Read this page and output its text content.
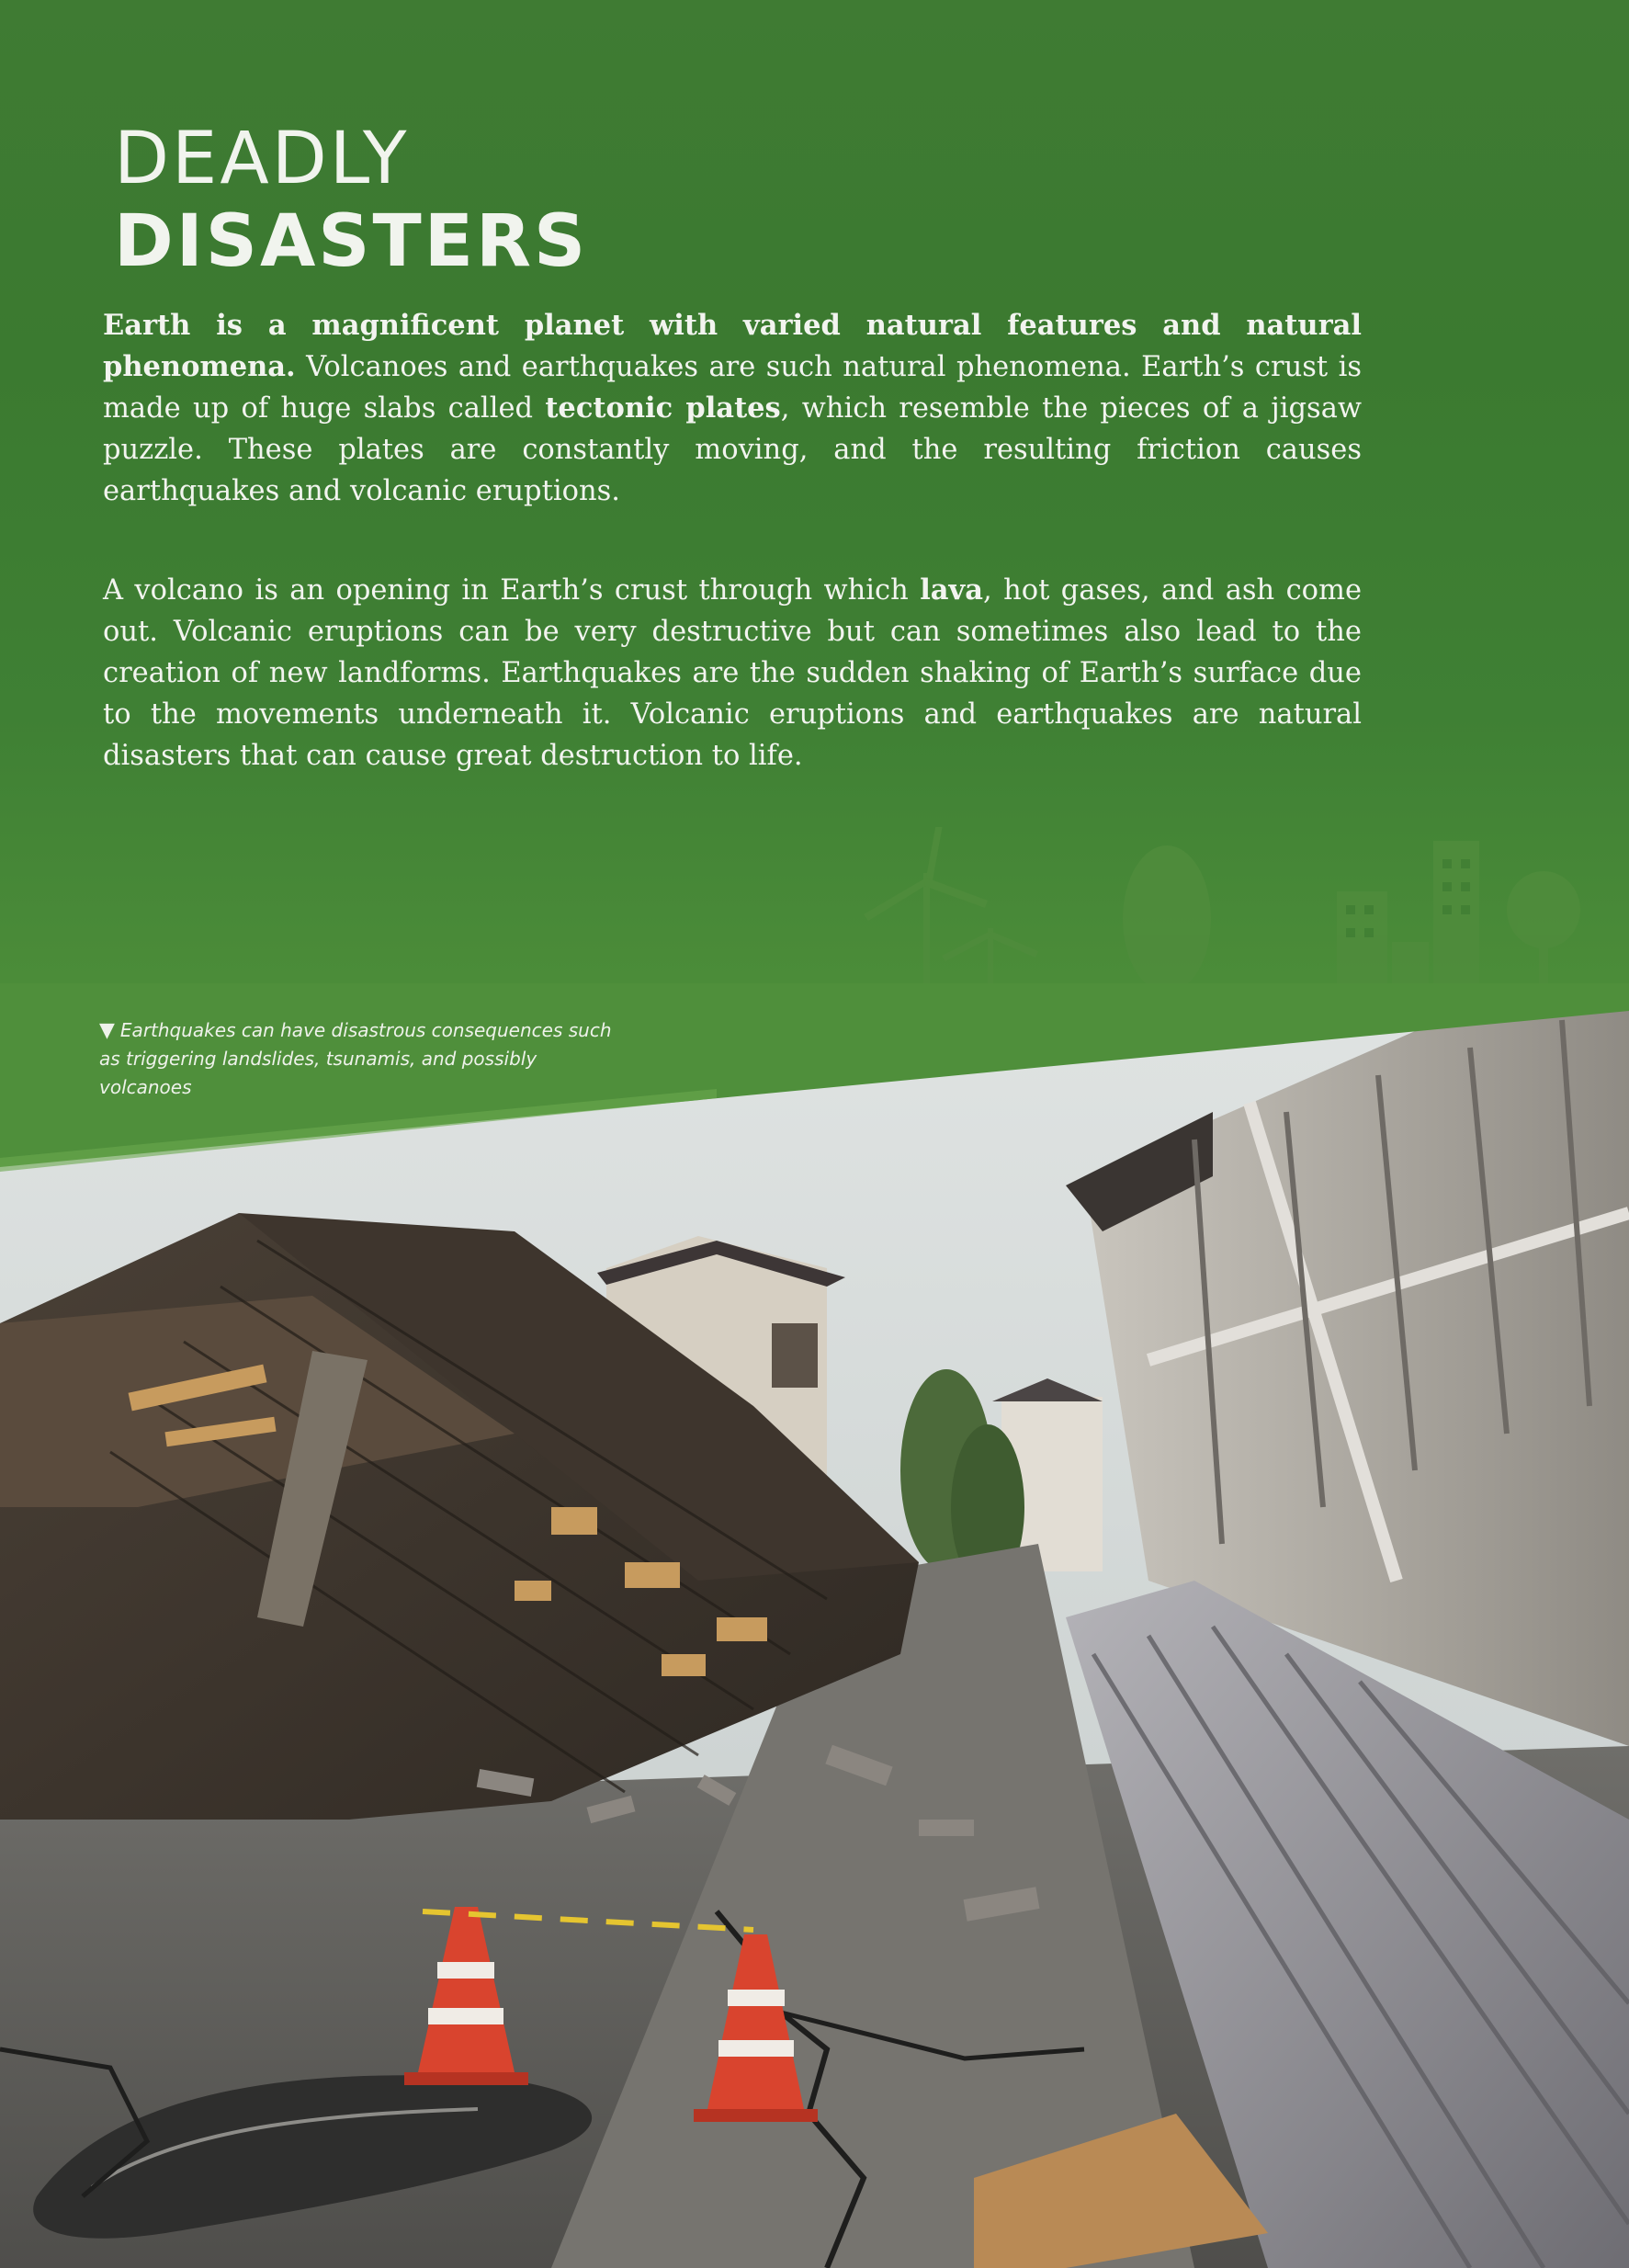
DEADLY
DISASTERS
Earth is a magnificent planet with varied natural features and natural phenomena. Volcanoes and earthquakes are such natural phenomena. Earth’s crust is made up of huge slabs called tectonic plates, which resemble the pieces of a jigsaw puzzle. These plates are constantly moving, and the resulting friction causes earthquakes and volcanic eruptions.
A volcano is an opening in Earth’s crust through which lava, hot gases, and ash come out. Volcanic eruptions can be very destructive but can sometimes also lead to the creation of new landforms. Earthquakes are the sudden shaking of Earth’s surface due to the movements underneath it. Volcanic eruptions and earthquakes are natural disasters that can cause great destruction to life.
▼ Earthquakes can have disastrous consequences such as triggering landslides, tsunamis, and possibly volcanoes
